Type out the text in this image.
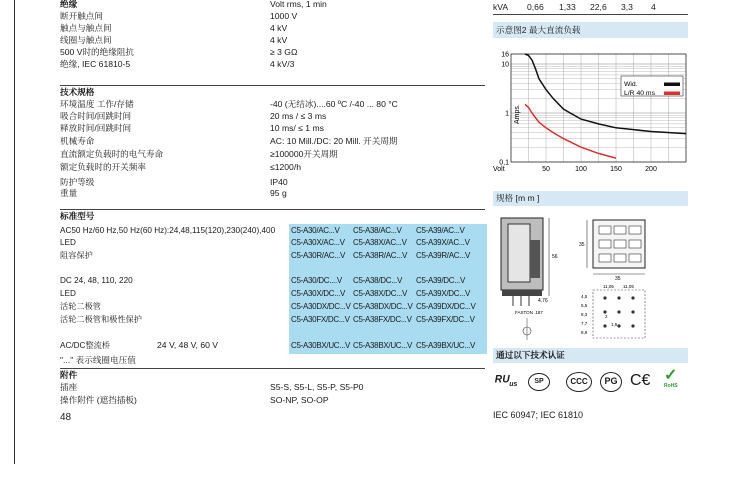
绝缘	Volt rms, 1 min
断开触点间	1000 V
触点与触点间	4 kV
线圈与触点间	4 kV
500 V时的绝缘阻抗	≥ 3 GΩ
绝缘, IEC 61810-5	4 kV/3
技术规格
环境温度 工作/存储	-40 (无结冰)....60 ºC /-40 ... 80 °C
吸合时间/回跳时间	20 ms / ≤ 3 ms
释放时间/回跳时间	10 ms/ ≤ 1 ms
机械寿命	AC: 10 Mill./DC: 20 Mill. 开关周期
直流额定负载时的电气寿命	≥100000开关周期
额定负载时的开关频率	≤1200/h
防护等级	IP40
重量	95 g
标准型号
AC50 Hz/60 Hz,50 Hz(60 Hz):24,48,115(120),230(240),400 C5-A30/AC...V C5-A38/AC...V C5-A39/AC...V
LED	C5-A30X/AC...V C5-A38X/AC...V C5-A39X/AC...V
阻容保护	C5-A30R/AC...V C5-A38R/AC...V C5-A39R/AC...V
DC 24, 48, 110, 220	C5-A30/DC....V C5-A38/DC...V C5-A39/DC...V
LED	C5-A30X/DC...V C5-A38X/DC...V C5-A39X/DC...V
活轮二极管	C5-A30DX/DC...V C5-A38DX/DC...V C5-A39DX/DC...V
活轮二极管和极性保护	C5-A30FX/DC...V C5-A38FX/DC...V C5-A39FX/DC...V
AC/DC整流桥	24 V, 48 V, 60 V	C5-A30BX/UC...V C5-A38BX/UC...V C5-A39BX/UC...V
"..." 表示线圈电压值
附件
插座	S5-S, S5-L, S5-P, S5-P0
操作附件 (遮挡插板)	SO-NP, SO-OP
48
kVA 0,66 1,33 22,6 3,3 4
示意图2 最大直流负载
16
10
1
0,1
50	100	150	200
Volt
Amps.
Wid.
L/R 40 ms
规格 [m m ]
56
4,76
FASTON .187
35
35
11,05 11,05
4,5
5,5
8,3
7,7
8,9
2
1,5
通过以下技术认证
ᴿᵁus	SP	CCC	PG C€ ✓
RoHS
IEC 60947; IEC 61810
